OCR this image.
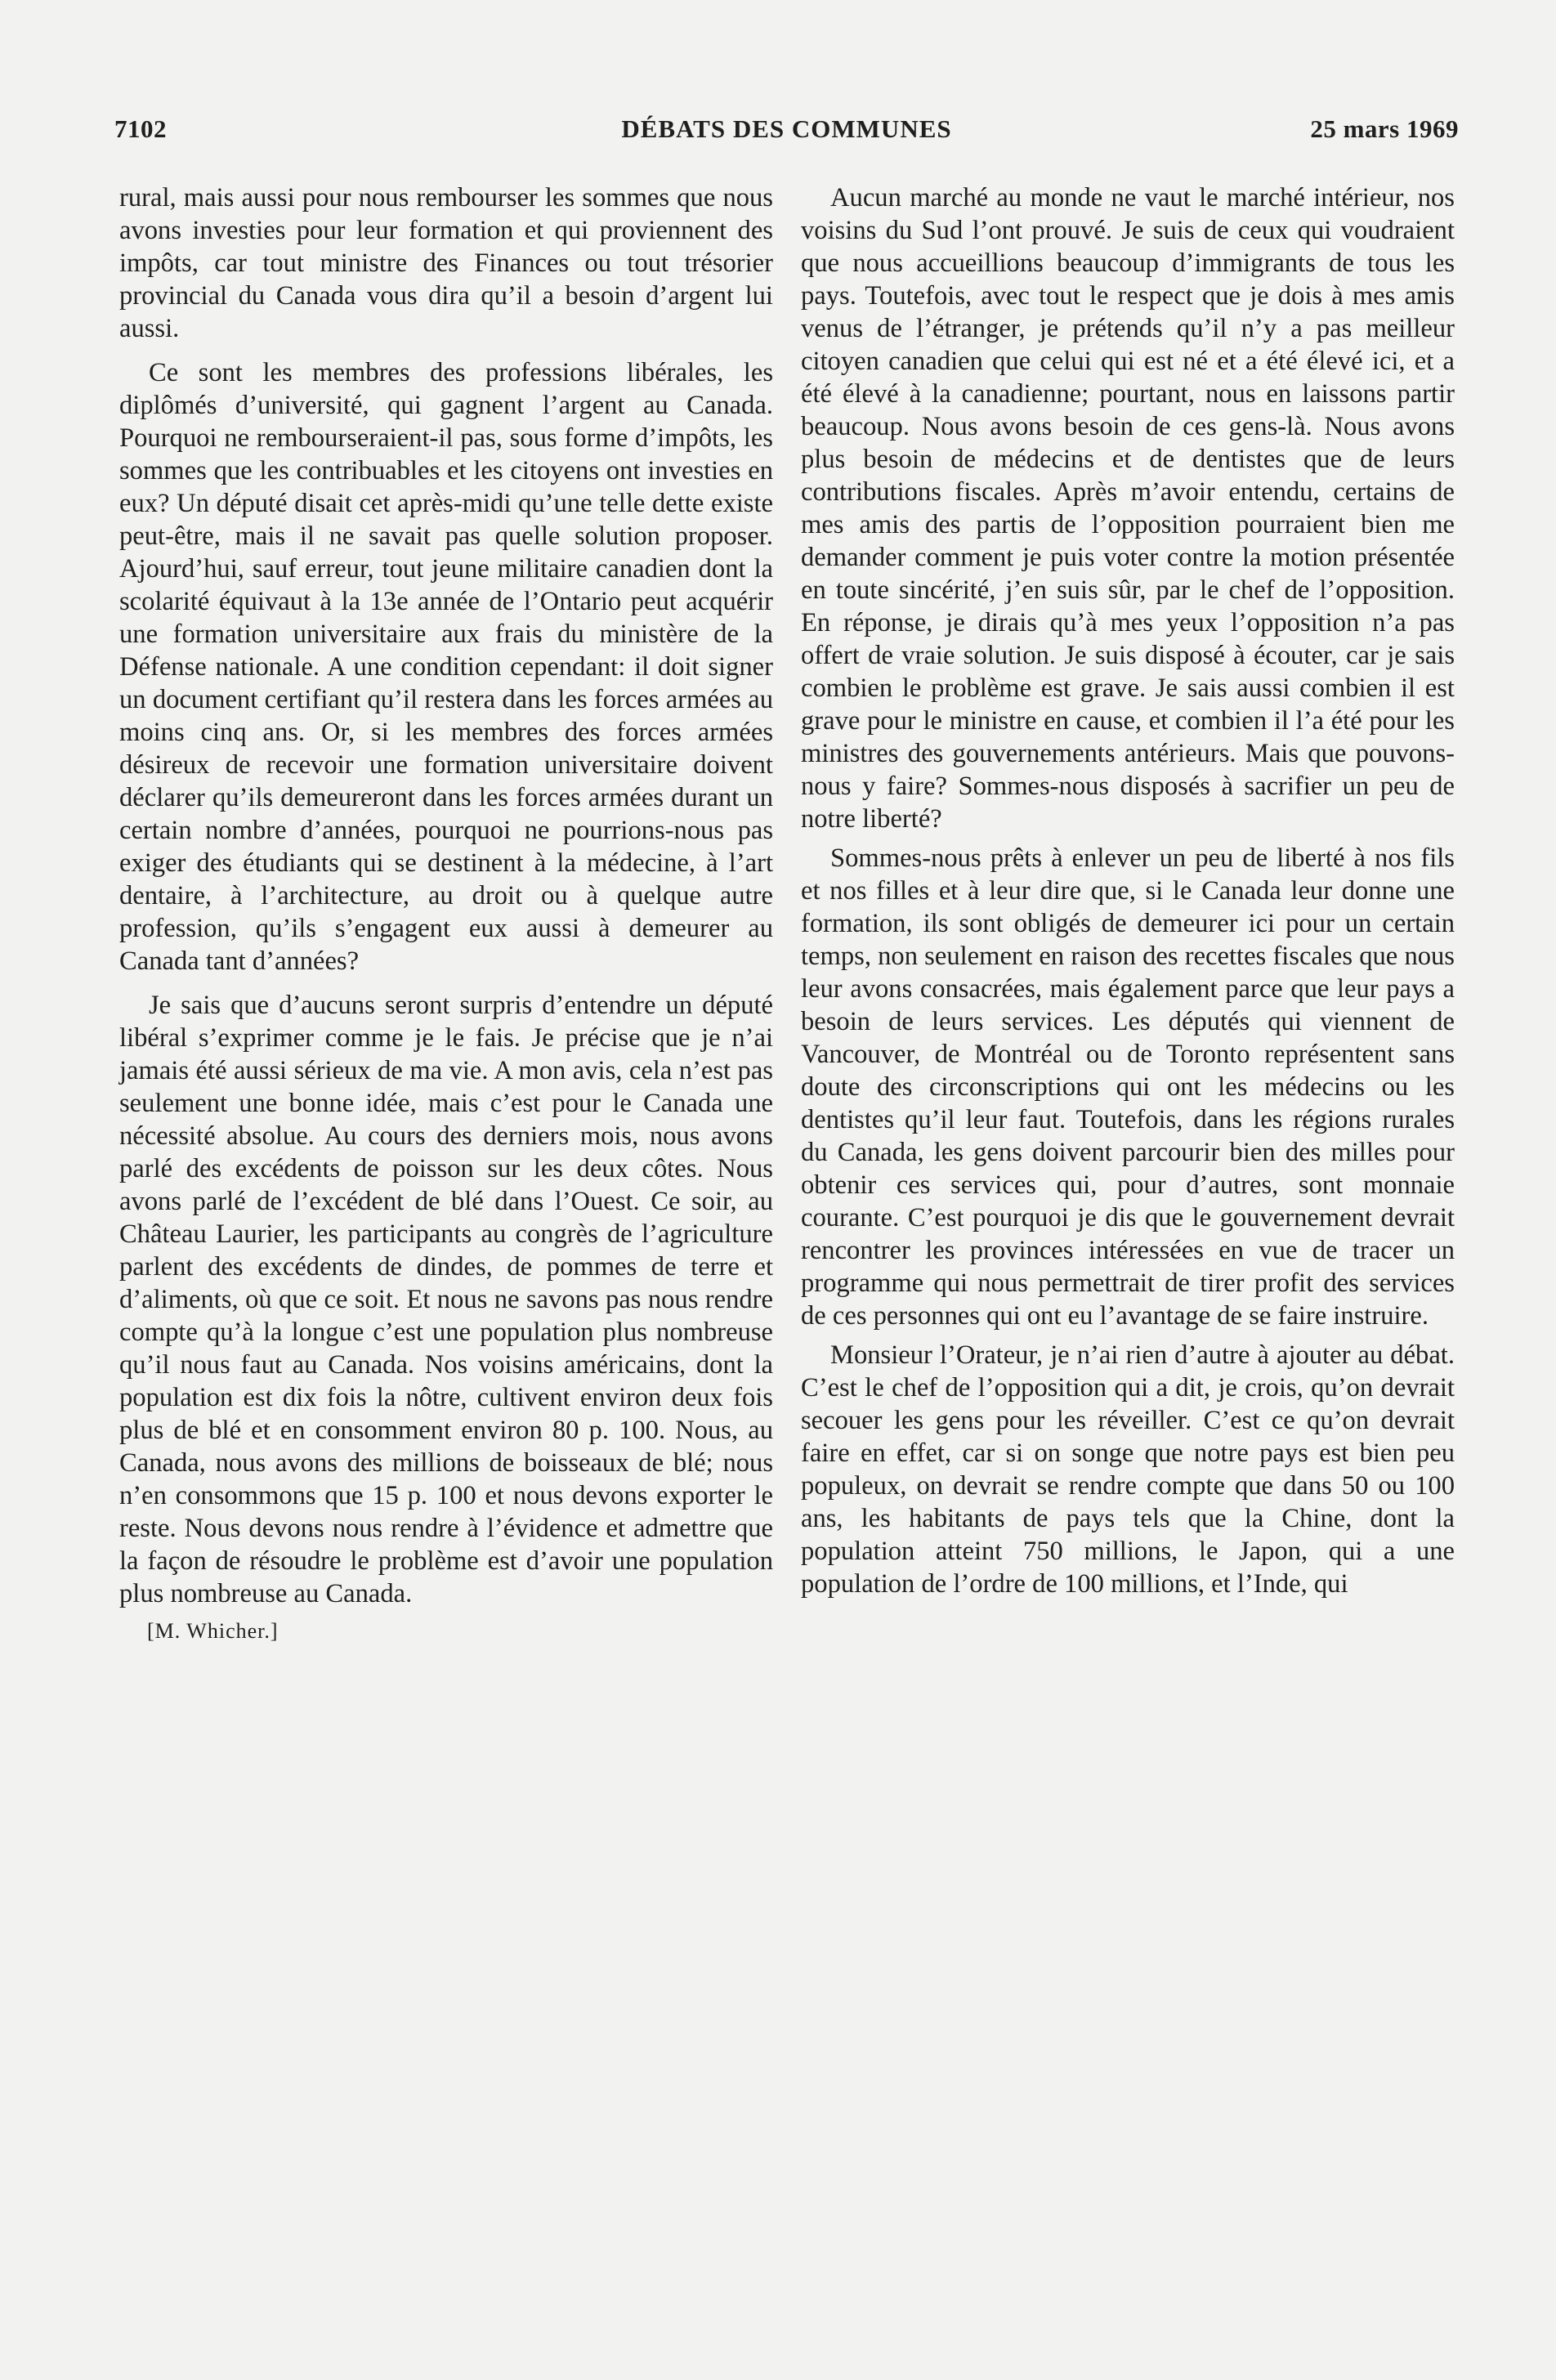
7102	DÉBATS DES COMMUNES	25 mars 1969

rural, mais aussi pour nous rembourser les sommes que nous avons investies pour leur formation et qui proviennent des impôts, car tout ministre des Finances ou tout trésorier provincial du Canada vous dira qu’il a besoin d’argent lui aussi.

Ce sont les membres des professions libérales, les diplômés d’université, qui gagnent l’argent au Canada. Pourquoi ne rembourseraient-il pas, sous forme d’impôts, les sommes que les contribuables et les citoyens ont investies en eux? Un député disait cet après-midi qu’une telle dette existe peut-être, mais il ne savait pas quelle solution proposer. Ajourd’hui, sauf erreur, tout jeune militaire canadien dont la scolarité équivaut à la 13e année de l’Ontario peut acquérir une formation universitaire aux frais du ministère de la Défense nationale. A une condition cependant: il doit signer un document certifiant qu’il restera dans les forces armées au moins cinq ans. Or, si les membres des forces armées désireux de recevoir une formation universitaire doivent déclarer qu’ils demeureront dans les forces armées durant un certain nombre d’années, pourquoi ne pourrions-nous pas exiger des étudiants qui se destinent à la médecine, à l’art dentaire, à l’architecture, au droit ou à quelque autre profession, qu’ils s’engagent eux aussi à demeurer au Canada tant d’années?

Je sais que d’aucuns seront surpris d’entendre un député libéral s’exprimer comme je le fais. Je précise que je n’ai jamais été aussi sérieux de ma vie. A mon avis, cela n’est pas seulement une bonne idée, mais c’est pour le Canada une nécessité absolue. Au cours des derniers mois, nous avons parlé des excédents de poisson sur les deux côtes. Nous avons parlé de l’excédent de blé dans l’Ouest. Ce soir, au Château Laurier, les participants au congrès de l’agriculture parlent des excédents de dindes, de pommes de terre et d’aliments, où que ce soit. Et nous ne savons pas nous rendre compte qu’à la longue c’est une population plus nombreuse qu’il nous faut au Canada. Nos voisins américains, dont la population est dix fois la nôtre, cultivent environ deux fois plus de blé et en consomment environ 80 p. 100. Nous, au Canada, nous avons des millions de boisseaux de blé; nous n’en consommons que 15 p. 100 et nous devons exporter le reste. Nous devons nous rendre à l’évidence et admettre que la façon de résoudre le problème est d’avoir une population plus nombreuse au Canada.

[M. Whicher.]

Aucun marché au monde ne vaut le marché intérieur, nos voisins du Sud l’ont prouvé. Je suis de ceux qui voudraient que nous accueillions beaucoup d’immigrants de tous les pays. Toutefois, avec tout le respect que je dois à mes amis venus de l’étranger, je prétends qu’il n’y a pas meilleur citoyen canadien que celui qui est né et a été élevé ici, et a été élevé à la canadienne; pourtant, nous en laissons partir beaucoup. Nous avons besoin de ces gens-là. Nous avons plus besoin de médecins et de dentistes que de leurs contributions fiscales. Après m’avoir entendu, certains de mes amis des partis de l’opposition pourraient bien me demander comment je puis voter contre la motion présentée en toute sincérité, j’en suis sûr, par le chef de l’opposition. En réponse, je dirais qu’à mes yeux l’opposition n’a pas offert de vraie solution. Je suis disposé à écouter, car je sais combien le problème est grave. Je sais aussi combien il est grave pour le ministre en cause, et combien il l’a été pour les ministres des gouvernements antérieurs. Mais que pouvons-nous y faire? Sommes-nous disposés à sacrifier un peu de notre liberté?

Sommes-nous prêts à enlever un peu de liberté à nos fils et nos filles et à leur dire que, si le Canada leur donne une formation, ils sont obligés de demeurer ici pour un certain temps, non seulement en raison des recettes fiscales que nous leur avons consacrées, mais également parce que leur pays a besoin de leurs services. Les députés qui viennent de Vancouver, de Montréal ou de Toronto représentent sans doute des circonscriptions qui ont les médecins ou les dentistes qu’il leur faut. Toutefois, dans les régions rurales du Canada, les gens doivent parcourir bien des milles pour obtenir ces services qui, pour d’autres, sont monnaie courante. C’est pourquoi je dis que le gouvernement devrait rencontrer les provinces intéressées en vue de tracer un programme qui nous permettrait de tirer profit des services de ces personnes qui ont eu l’avantage de se faire instruire.

Monsieur l’Orateur, je n’ai rien d’autre à ajouter au débat. C’est le chef de l’opposition qui a dit, je crois, qu’on devrait secouer les gens pour les réveiller. C’est ce qu’on devrait faire en effet, car si on songe que notre pays est bien peu populeux, on devrait se rendre compte que dans 50 ou 100 ans, les habitants de pays tels que la Chine, dont la population atteint 750 millions, le Japon, qui a une population de l’ordre de 100 millions, et l’Inde, qui
